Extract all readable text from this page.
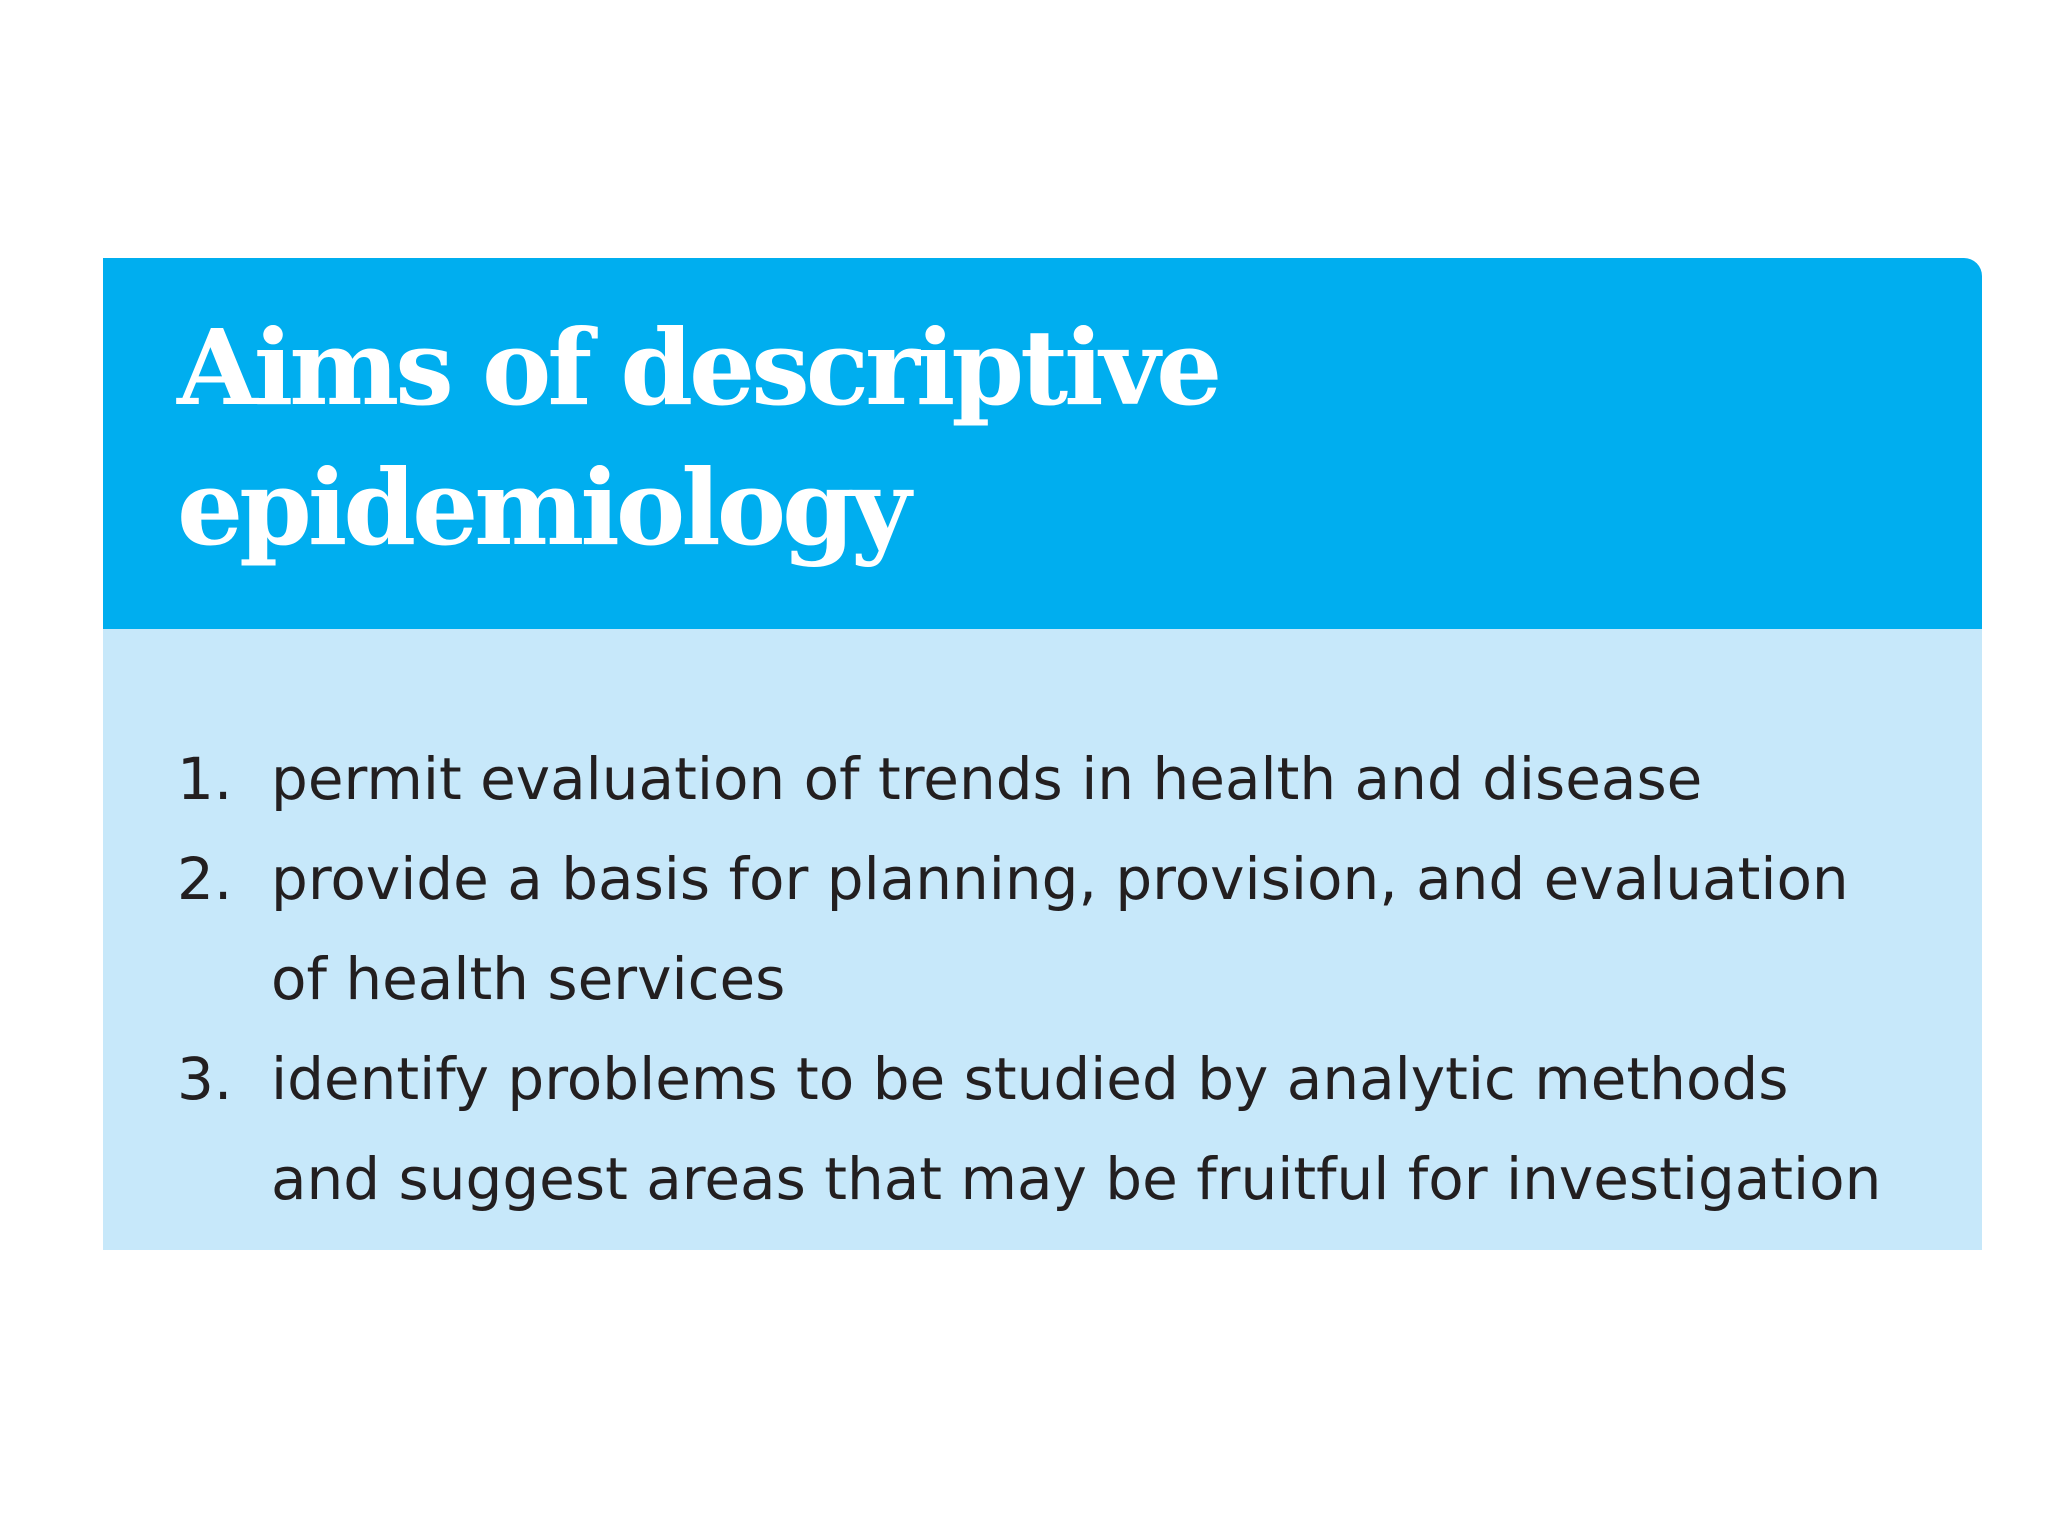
Aims of descriptive
epidemiology
1. permit evaluation of trends in health and disease
2. provide a basis for planning, provision, and evaluation
of health services
3. identify problems to be studied by analytic methods
and suggest areas that may be fruitful for investigation
